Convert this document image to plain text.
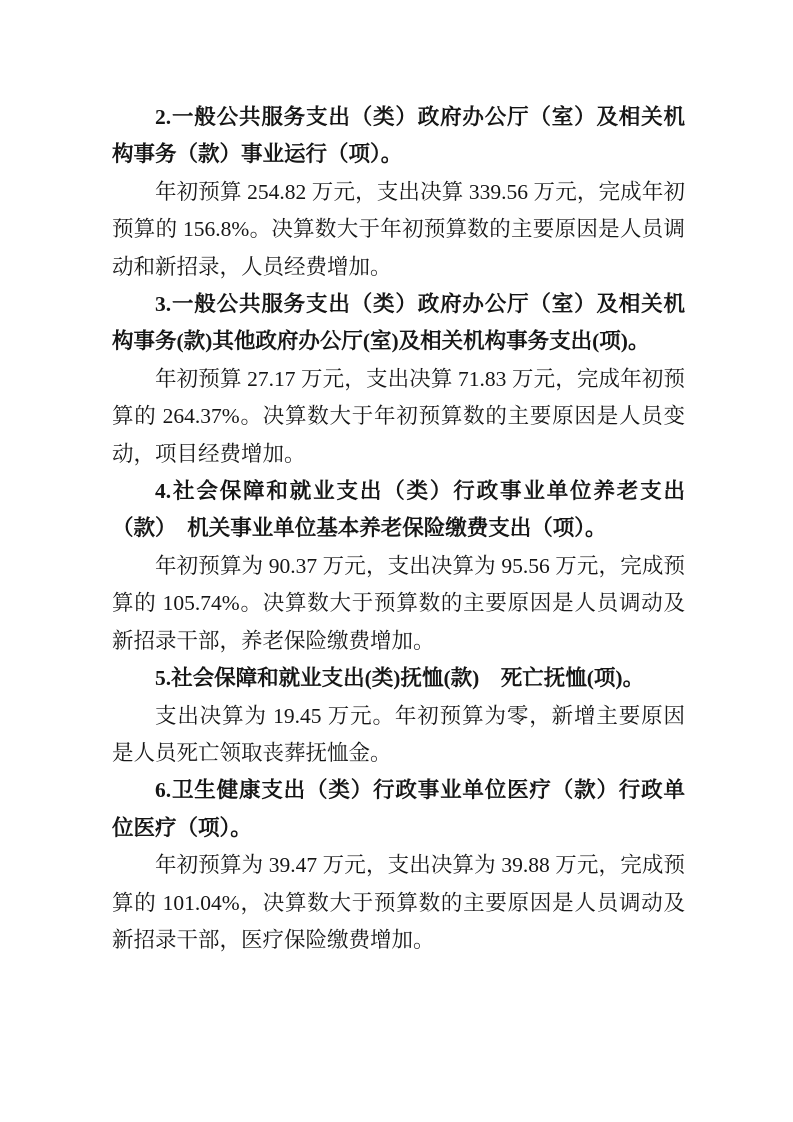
2.一般公共服务支出（类）政府办公厅（室）及相关机构事务（款）事业运行（项）。

年初预算 254.82 万元，支出决算 339.56 万元，完成年初预算的 156.8%。决算数大于年初预算数的主要原因是人员调动和新招录，人员经费增加。

3.一般公共服务支出（类）政府办公厅（室）及相关机构事务(款)其他政府办公厅(室)及相关机构事务支出(项)。

年初预算 27.17 万元，支出决算 71.83 万元，完成年初预算的 264.37%。决算数大于年初预算数的主要原因是人员变动，项目经费增加。

4.社会保障和就业支出（类）行政事业单位养老支出（款）　机关事业单位基本养老保险缴费支出（项）。

年初预算为 90.37 万元，支出决算为 95.56 万元，完成预算的 105.74%。决算数大于预算数的主要原因是人员调动及新招录干部，养老保险缴费增加。

5.社会保障和就业支出(类)抚恤(款)　死亡抚恤(项)。

支出决算为 19.45 万元。年初预算为零，新增主要原因是人员死亡领取丧葬抚恤金。

6.卫生健康支出（类）行政事业单位医疗（款）行政单位医疗（项）。

年初预算为 39.47 万元，支出决算为 39.88 万元，完成预算的 101.04%，决算数大于预算数的主要原因是人员调动及新招录干部，医疗保险缴费增加。
